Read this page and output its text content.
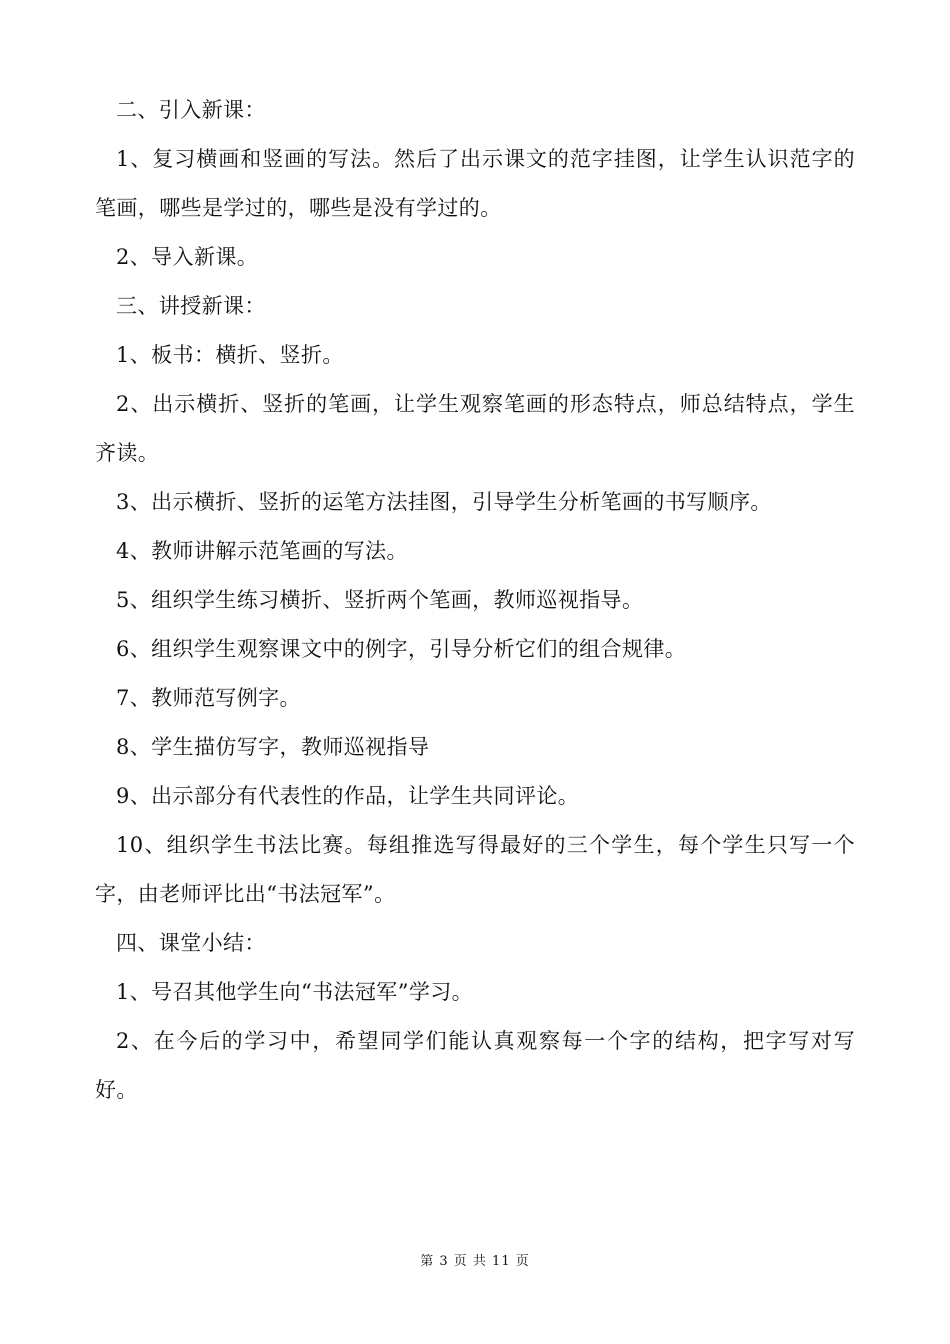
二、引入新课：

1、复习横画和竖画的写法。然后了出示课文的范字挂图，让学生认识范字的笔画，哪些是学过的，哪些是没有学过的。

2、导入新课。

三、讲授新课：

1、板书：横折、竖折。

2、出示横折、竖折的笔画，让学生观察笔画的形态特点，师总结特点，学生齐读。

3、出示横折、竖折的运笔方法挂图，引导学生分析笔画的书写顺序。

4、教师讲解示范笔画的写法。

5、组织学生练习横折、竖折两个笔画，教师巡视指导。

6、组织学生观察课文中的例字，引导分析它们的组合规律。

7、教师范写例字。

8、学生描仿写字，教师巡视指导

9、出示部分有代表性的作品，让学生共同评论。

10、组织学生书法比赛。每组推选写得最好的三个学生，每个学生只写一个字，由老师评比出“书法冠军”。

四、课堂小结：

1、号召其他学生向“书法冠军”学习。

2、在今后的学习中，希望同学们能认真观察每一个字的结构，把字写对写好。

第 3 页 共 11 页
